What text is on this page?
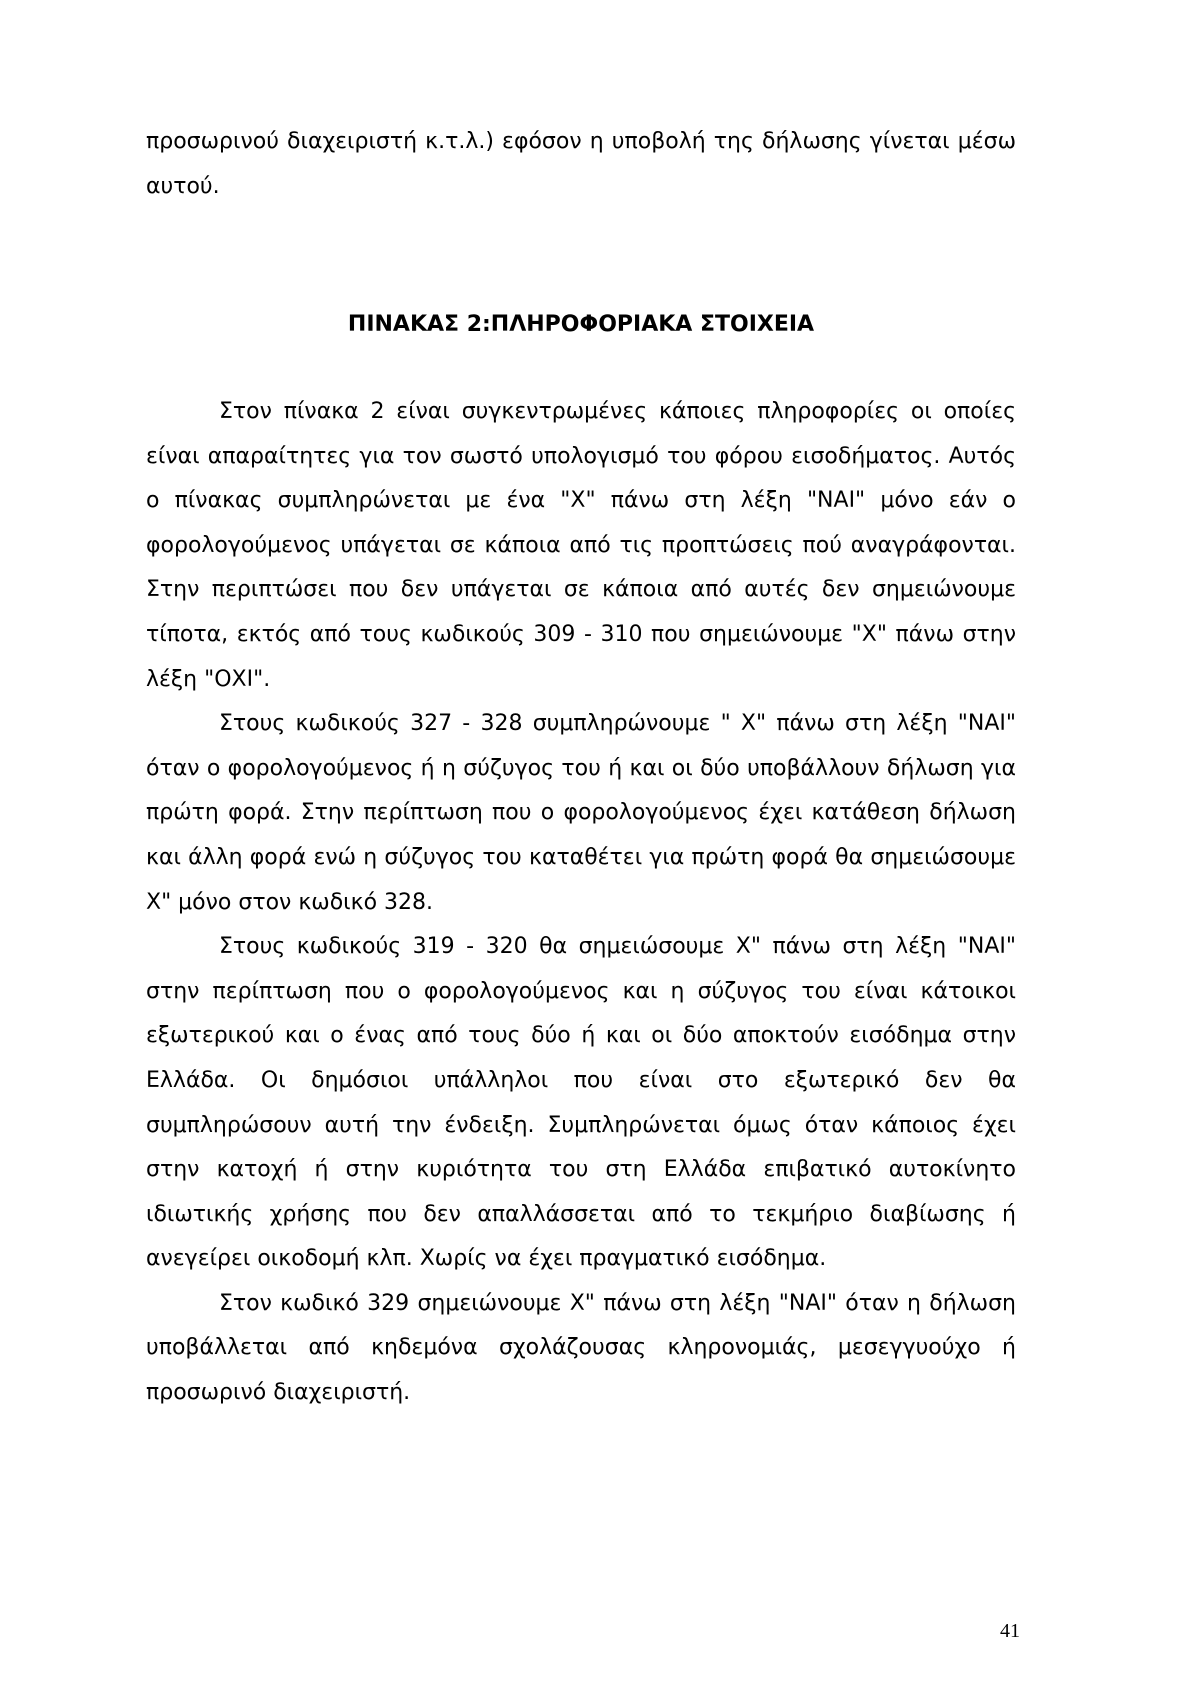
προσωρινού διαχειριστή κ.τ.λ.) εφόσον η υποβολή της δήλωσης γίνεται μέσω αυτού.

ΠΙΝΑΚΑΣ 2:ΠΛΗΡΟΦΟΡΙΑΚΑ ΣΤΟΙΧΕΙΑ

Στον πίνακα 2 είναι συγκεντρωμένες κάποιες πληροφορίες οι οποίες είναι απαραίτητες για τον σωστό υπολογισμό του φόρου εισοδήματος. Αυτός ο πίνακας συμπληρώνεται με ένα "Χ" πάνω στη λέξη "ΝΑΙ" μόνο εάν ο φορολογούμενος υπάγεται σε κάποια από τις προπτώσεις πού αναγράφονται. Στην περιπτώσει που δεν υπάγεται σε κάποια από αυτές δεν σημειώνουμε τίποτα, εκτός από τους κωδικούς 309 - 310 που σημειώνουμε "Χ" πάνω στην λέξη "ΟΧΙ".

Στους κωδικούς 327 - 328 συμπληρώνουμε " Χ" πάνω στη λέξη "ΝΑΙ" όταν ο φορολογούμενος ή η σύζυγος του ή και οι δύο υποβάλλουν δήλωση για πρώτη φορά. Στην περίπτωση που ο φορολογούμενος έχει κατάθεση δήλωση και άλλη φορά ενώ η σύζυγος του καταθέτει για πρώτη φορά θα σημειώσουμε Χ" μόνο στον κωδικό 328.

Στους κωδικούς 319 - 320 θα σημειώσουμε Χ" πάνω στη λέξη "ΝΑΙ" στην περίπτωση που ο φορολογούμενος και η σύζυγος του είναι κάτοικοι εξωτερικού και ο ένας από τους δύο ή και οι δύο αποκτούν εισόδημα στην Ελλάδα. Οι δημόσιοι υπάλληλοι που είναι στο εξωτερικό δεν θα συμπληρώσουν αυτή την ένδειξη. Συμπληρώνεται όμως όταν κάποιος έχει στην κατοχή ή στην κυριότητα του στη Ελλάδα επιβατικό αυτοκίνητο ιδιωτικής χρήσης που δεν απαλλάσσεται από το τεκμήριο διαβίωσης ή ανεγείρει οικοδομή κλπ. Χωρίς να έχει πραγματικό εισόδημα.

Στον κωδικό 329 σημειώνουμε Χ" πάνω στη λέξη "ΝΑΙ" όταν η δήλωση υποβάλλεται από κηδεμόνα σχολάζουσας κληρονομιάς, μεσεγγυούχο ή προσωρινό διαχειριστή.

41
